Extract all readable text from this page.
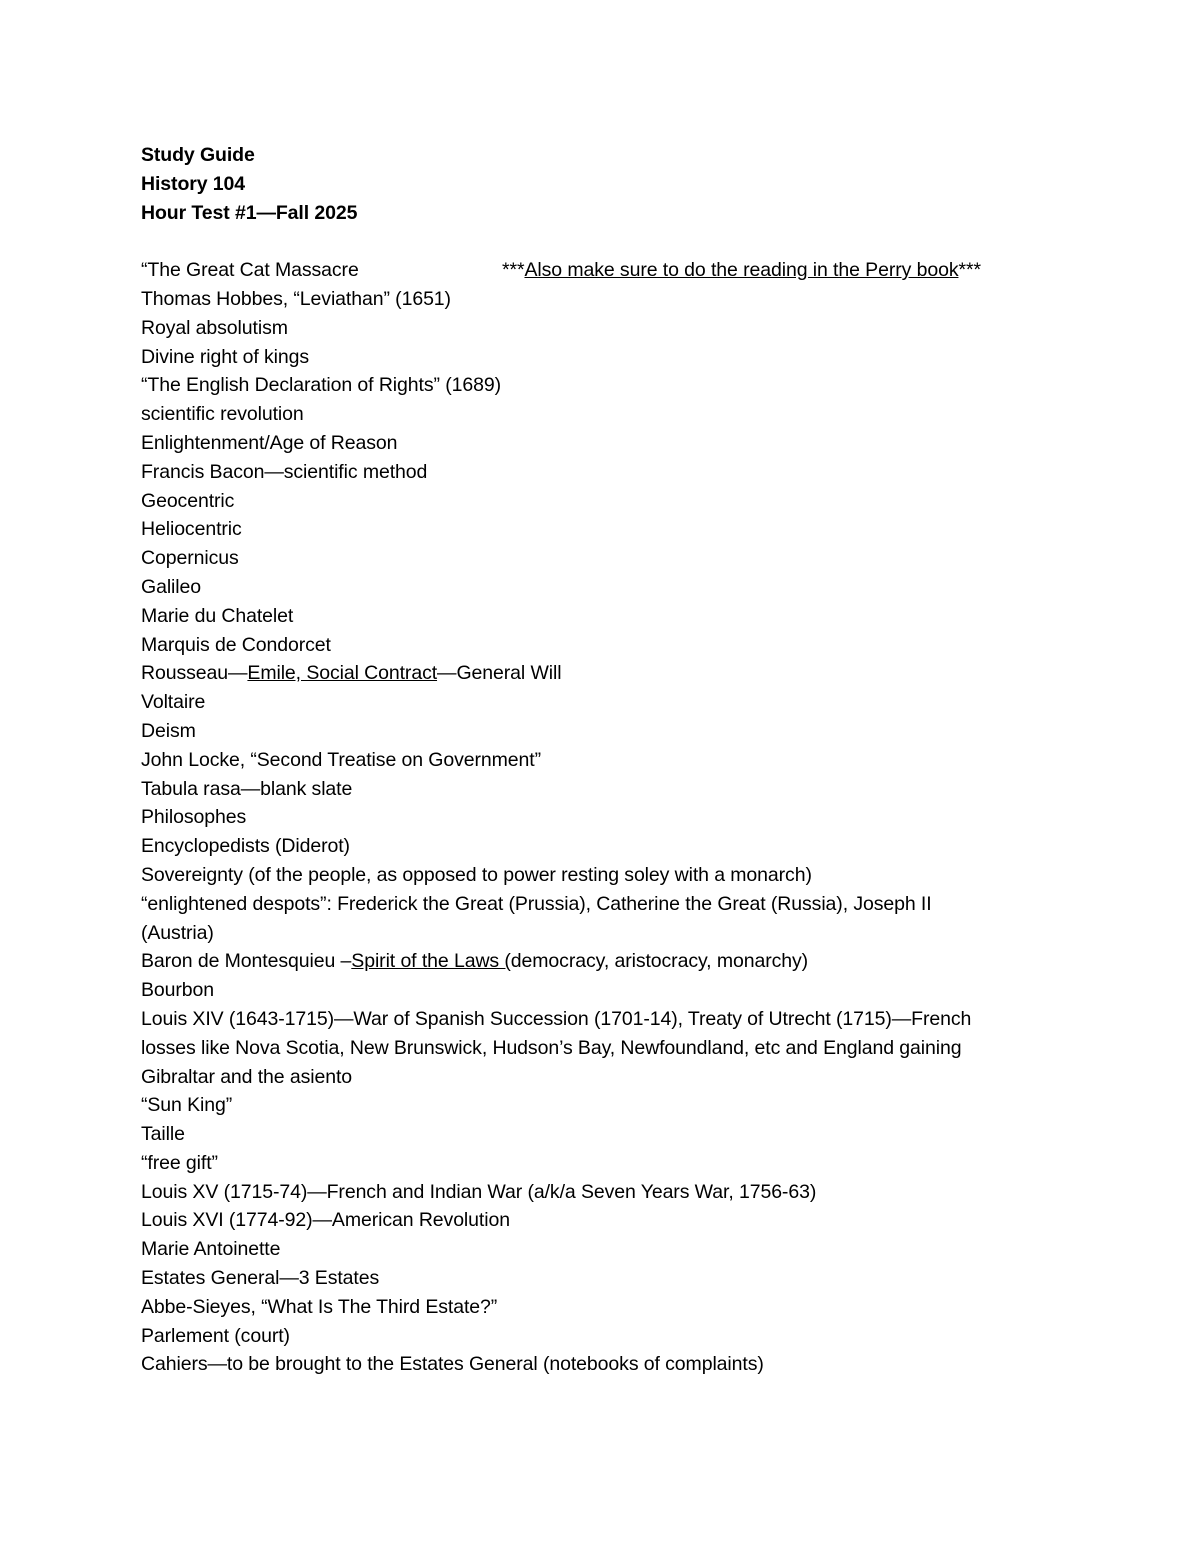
Study Guide
History 104
Hour Test #1—Fall 2025
“The Great Cat Massacre	***Also make sure to do the reading in the Perry book***
Thomas Hobbes, “Leviathan” (1651)
Royal absolutism
Divine right of kings
“The English Declaration of Rights” (1689)
scientific revolution
Enlightenment/Age of Reason
Francis Bacon—scientific method
Geocentric
Heliocentric
Copernicus
Galileo
Marie du Chatelet
Marquis de Condorcet
Rousseau—Emile, Social Contract—General Will
Voltaire
Deism
John Locke, “Second Treatise on Government”
Tabula rasa—blank slate
Philosophes
Encyclopedists (Diderot)
Sovereignty (of the people, as opposed to power resting soley with a monarch)
“enlightened despots”: Frederick the Great (Prussia), Catherine the Great (Russia), Joseph II
(Austria)
Baron de Montesquieu –Spirit of the Laws (democracy, aristocracy, monarchy)
Bourbon
Louis XIV (1643-1715)—War of Spanish Succession (1701-14), Treaty of Utrecht (1715)—French
losses like Nova Scotia, New Brunswick, Hudson’s Bay, Newfoundland, etc and England gaining
Gibraltar and the asiento
“Sun King”
Taille
“free gift”
Louis XV (1715-74)—French and Indian War (a/k/a Seven Years War, 1756-63)
Louis XVI (1774-92)—American Revolution
Marie Antoinette
Estates General—3 Estates
Abbe-Sieyes, “What Is The Third Estate?”
Parlement (court)
Cahiers—to be brought to the Estates General (notebooks of complaints)
